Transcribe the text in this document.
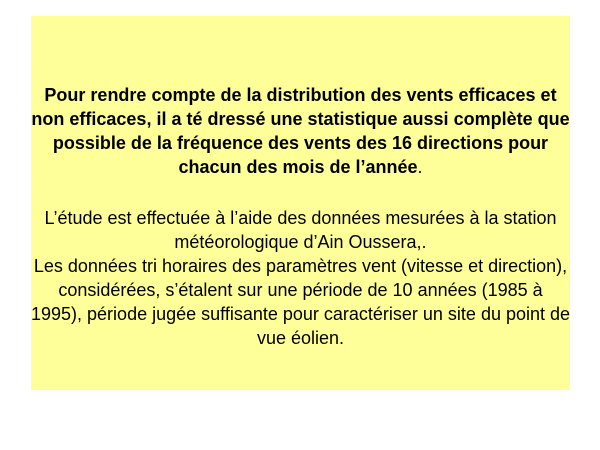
Pour rendre compte de la distribution des vents efficaces et non efficaces, il a té dressé une statistique aussi complète que possible de la fréquence des vents des 16 directions pour chacun des mois de l’année.

L’étude est effectuée à l’aide des données mesurées à la station météorologique d’Ain Oussera,.
Les données tri horaires des paramètres vent (vitesse et direction), considérées, s’étalent sur une période de 10 années (1985 à 1995), période jugée suffisante pour caractériser un site du point de vue éolien.
